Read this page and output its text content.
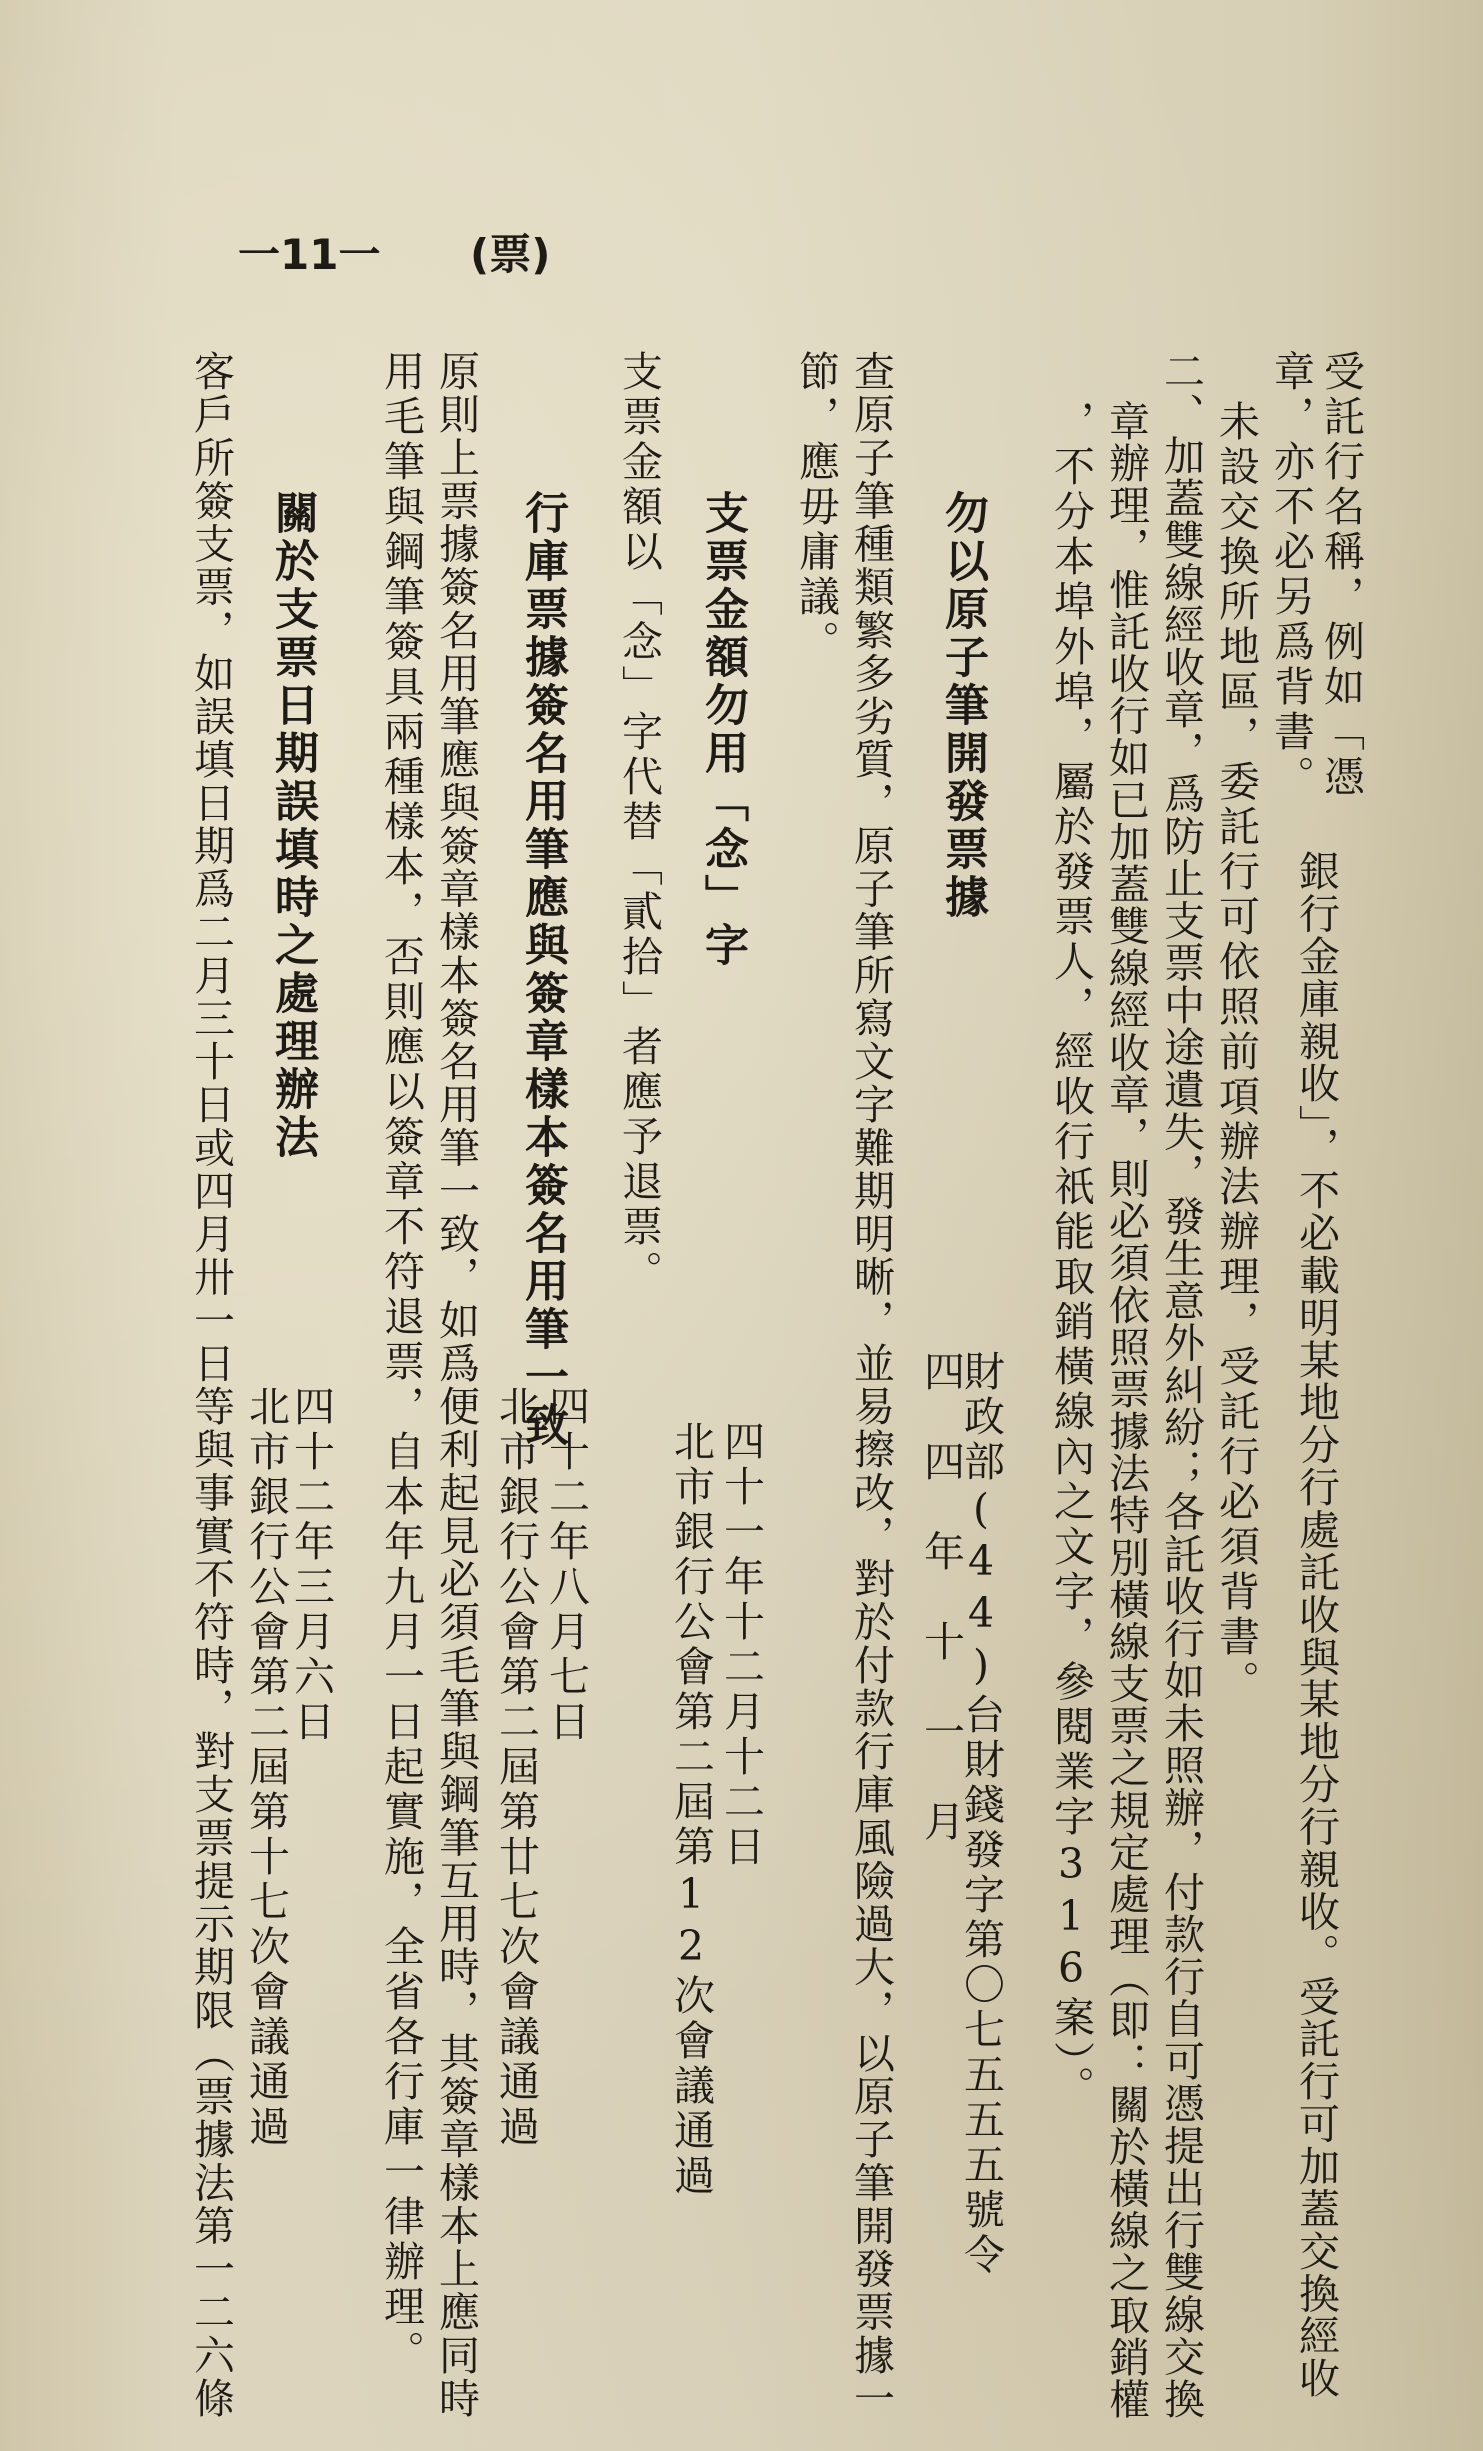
一11一 (票)
受託行名稱，例如「憑
章，亦不必另爲背書。
銀行金庫親收」，不必載明某地分行處託收與某地分行親收。受託行可加蓋交換經收
未設交換所地區，委託行可依照前項辦法辦理，受託行必須背書。
二、加蓋雙線經收章，爲防止支票中途遺失，發生意外糾紛；各託收行如未照辦，付款行自可憑提出行雙線交換
章辦理，惟託收行如已加蓋雙線經收章，則必須依照票據法特別橫線支票之規定處理（即：關於橫線之取銷權
，不分本埠外埠，屬於發票人，經收行祇能取銷橫線內之文字，參閱業字316案）。
財政部(44)台財錢發字第〇七五五五號令
四　四　年　十　一　月
勿以原子筆開發票據
查原子筆種類繁多劣質，原子筆所寫文字難期明晰，並易擦改，對於付款行庫風險過大，以原子筆開發票據一
節，應毋庸議。
四十一年十二月十二日
北市銀行公會第二屆第12次會議通過
支票金額勿用「念」字
支票金額以「念」字代替「貳拾」者應予退票。
行庫票據簽名用筆應與簽章樣本簽名用筆一致
四十二年八月七日
北市銀行公會第二屆第廿七次會議通過
原則上票據簽名用筆應與簽章樣本簽名用筆一致，如爲便利起見必須毛筆與鋼筆互用時，其簽章樣本上應同時
用毛筆與鋼筆簽具兩種樣本，否則應以簽章不符退票，自本年九月一日起實施，全省各行庫一律辦理。
四十二年三月六日
北市銀行公會第二屆第十七次會議通過
關於支票日期誤填時之處理辦法
客戶所簽支票，如誤填日期爲二月三十日或四月卅一日等與事實不符時，對支票提示期限（票據法第一二六條
